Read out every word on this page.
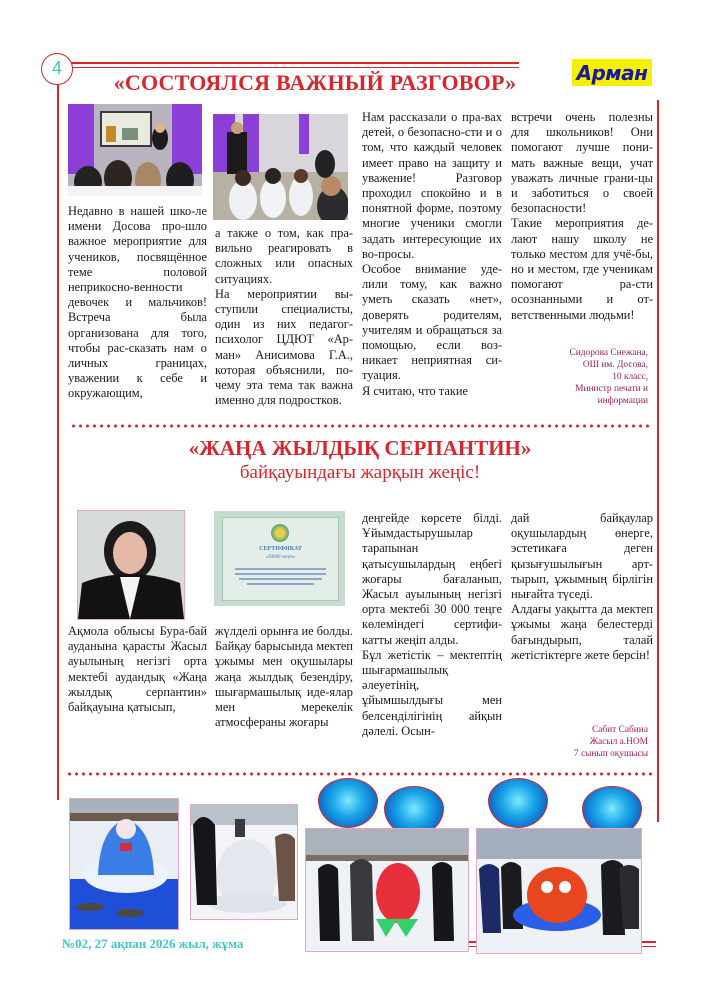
4
«СОСТОЯЛСЯ ВАЖНЫЙ РАЗГОВОР»	Арман

Недавно в нашей шко-ле имени Досова про-шло важное мероприятие для учеников, посвящённое теме половой неприкосно-венности девочек и мальчиков! Встреча была организована для того, чтобы рас-сказать нам о личных границах, уважении к себе и окружающим,

а также о том, как пра-вильно реагировать в сложных или опасных ситуациях.

На мероприятии вы-ступили специалисты, один из них педагог-психолог ЦДЮТ «Ар-ман» Анисимова Г.А., которая объяснили, по-чему эта тема так важна именно для подростков.

Нам рассказали о пра-вах детей, о безопасно-сти и о том, что каждый человек имеет право на защиту и уважение! Разговор проходил спокойно и в понятной форме, поэтому многие ученики смогли задать интересующие их во-просы.

Особое внимание уде-лили тому, как важно уметь сказать «нет», доверять родителям, учителям и обращаться за помощью, если воз-никает неприятная си-туация.

Я считаю, что такие

встречи очень полезны для школьников! Они помогают лучше пони-мать важные вещи, учат уважать личные грани-цы и заботиться о своей безопасности!

Такие мероприятия де-лают нашу школу не только местом для учё-бы, но и местом, где ученикам помогают ра-сти осознанными и от-ветственными людьми!

Сидорова Снежана,
ОШ им. Досова,
10 класс,
Министр печати и
информации
«ЖАҢА ЖЫЛДЫҚ СЕРПАНТИН»
байқауындағы жарқын жеңіс!
СЕРТИФИКАТ
«30000 теңге»

Ақмола облысы Бура-бай ауданына қарасты Жасыл ауылының негізгі орта мектебі аудандық «Жаңа жылдық серпантин» байқауына қатысып,

жүлделі орынға ие болды.

Байқау барысында мектеп ұжымы мен оқушылары жаңа жылдық безендіру, шығармашылық иде-ялар мен мерекелік атмосфераны жоғары

деңгейде көрсете білді. Ұйымдастырушылар тарапынан қатысушылардың еңбегі жоғары бағаланып, Жасыл ауылының негізгі орта мектебі 30 000 теңге көлеміндегі сертифи-катты жеңіп алды.

Бұл жетістік – мектептің шығармашылық әлеуетінің, ұйымшылдығы мен белсенділігінің айқын дәлелі. Осын-

дай байқаулар оқушылардың өнерге, эстетикаға деген қызығушылығын арт-тырып, ұжымның бірлігін нығайта түседі.

Алдағы уақытта да мектеп ұжымы жаңа белестерді бағындырып, талай жетістіктерге жете берсін!

Сабит Сабина
Жасыл а.НОМ
7 сынып оқушысы
№02, 27 ақпан 2026 жыл, жұма
